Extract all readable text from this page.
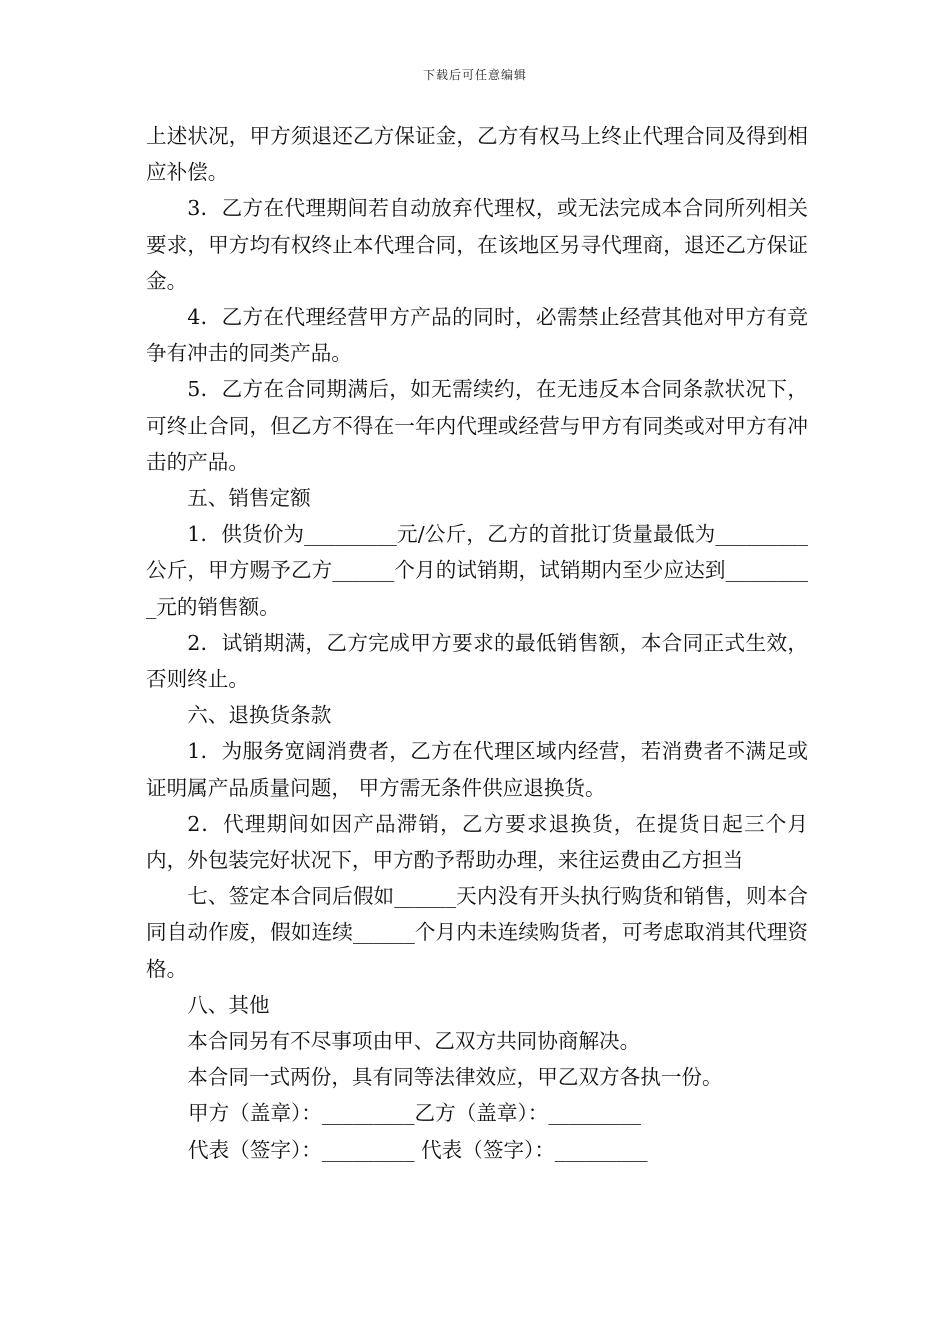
下载后可任意编辑

上述状况，甲方须退还乙方保证金，乙方有权马上终止代理合同及得到相应补偿。

3．乙方在代理期间若自动放弃代理权，或无法完成本合同所列相关要求，甲方均有权终止本代理合同，在该地区另寻代理商，退还乙方保证金。

4．乙方在代理经营甲方产品的同时，必需禁止经营其他对甲方有竞争有冲击的同类产品。

5．乙方在合同期满后，如无需续约，在无违反本合同条款状况下，可终止合同，但乙方不得在一年内代理或经营与甲方有同类或对甲方有冲击的产品。

五、销售定额

1．供货价为_________元/公斤，乙方的首批订货量最低为_________公斤，甲方赐予乙方______个月的试销期，试销期内至少应达到_________元的销售额。

2．试销期满，乙方完成甲方要求的最低销售额，本合同正式生效，否则终止。

六、退换货条款

1．为服务宽阔消费者，乙方在代理区域内经营，若消费者不满足或证明属产品质量问题， 甲方需无条件供应退换货。

2．代理期间如因产品滞销，乙方要求退换货，在提货日起三个月内，外包装完好状况下，甲方酌予帮助办理，来往运费由乙方担当

七、签定本合同后假如______天内没有开头执行购货和销售，则本合同自动作废，假如连续______个月内未连续购货者，可考虑取消其代理资格。

八、其他

本合同另有不尽事项由甲、乙双方共同协商解决。

本合同一式两份，具有同等法律效应，甲乙双方各执一份。

甲方（盖章）：_________乙方（盖章）：_________

代表（签字）：_________ 代表（签字）：_________
